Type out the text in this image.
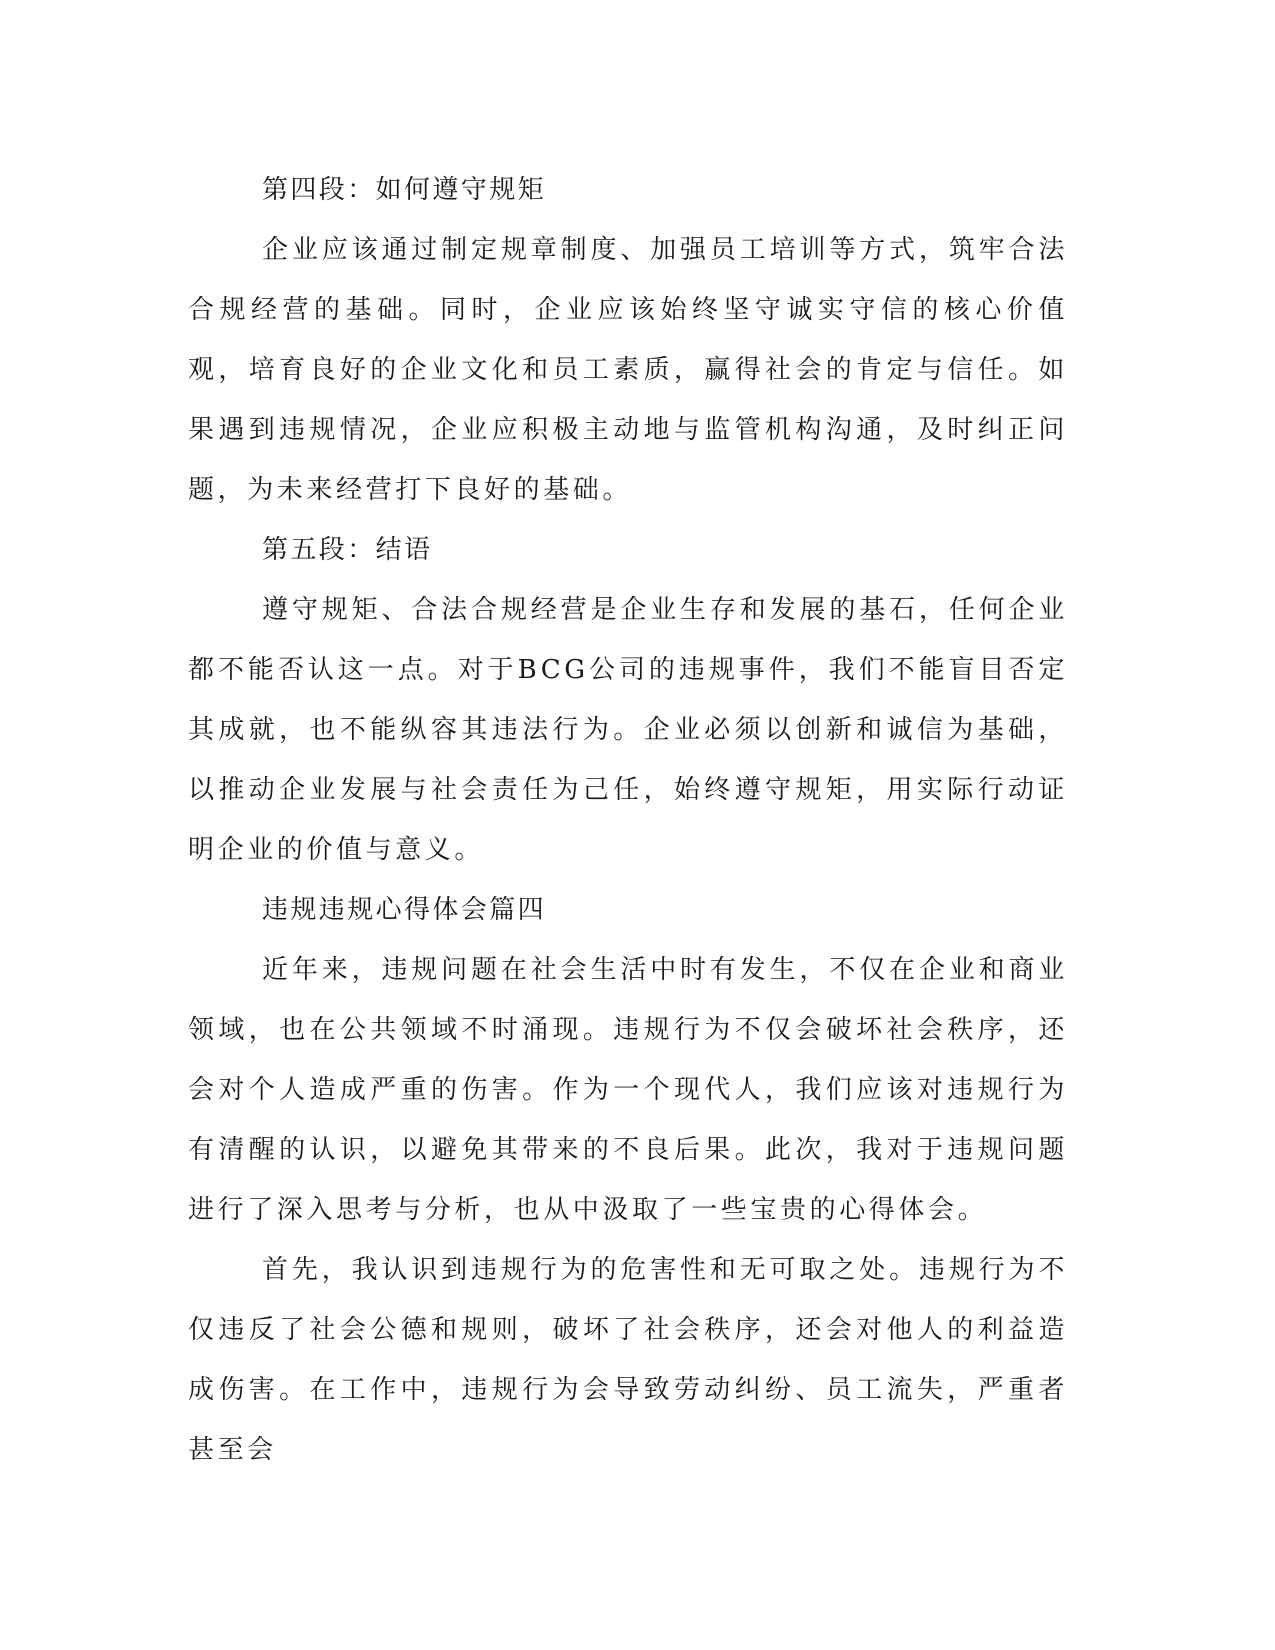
第四段：如何遵守规矩

企业应该通过制定规章制度、加强员工培训等方式，筑牢合法合规经营的基础。同时，企业应该始终坚守诚实守信的核心价值观，培育良好的企业文化和员工素质，赢得社会的肯定与信任。如果遇到违规情况，企业应积极主动地与监管机构沟通，及时纠正问题，为未来经营打下良好的基础。

第五段：结语

遵守规矩、合法合规经营是企业生存和发展的基石，任何企业都不能否认这一点。对于BCG公司的违规事件，我们不能盲目否定其成就，也不能纵容其违法行为。企业必须以创新和诚信为基础，以推动企业发展与社会责任为己任，始终遵守规矩，用实际行动证明企业的价值与意义。

违规违规心得体会篇四

近年来，违规问题在社会生活中时有发生，不仅在企业和商业领域，也在公共领域不时涌现。违规行为不仅会破坏社会秩序，还会对个人造成严重的伤害。作为一个现代人，我们应该对违规行为有清醒的认识，以避免其带来的不良后果。此次，我对于违规问题进行了深入思考与分析，也从中汲取了一些宝贵的心得体会。

首先，我认识到违规行为的危害性和无可取之处。违规行为不仅违反了社会公德和规则，破坏了社会秩序，还会对他人的利益造成伤害。在工作中，违规行为会导致劳动纠纷、员工流失，严重者甚至会
